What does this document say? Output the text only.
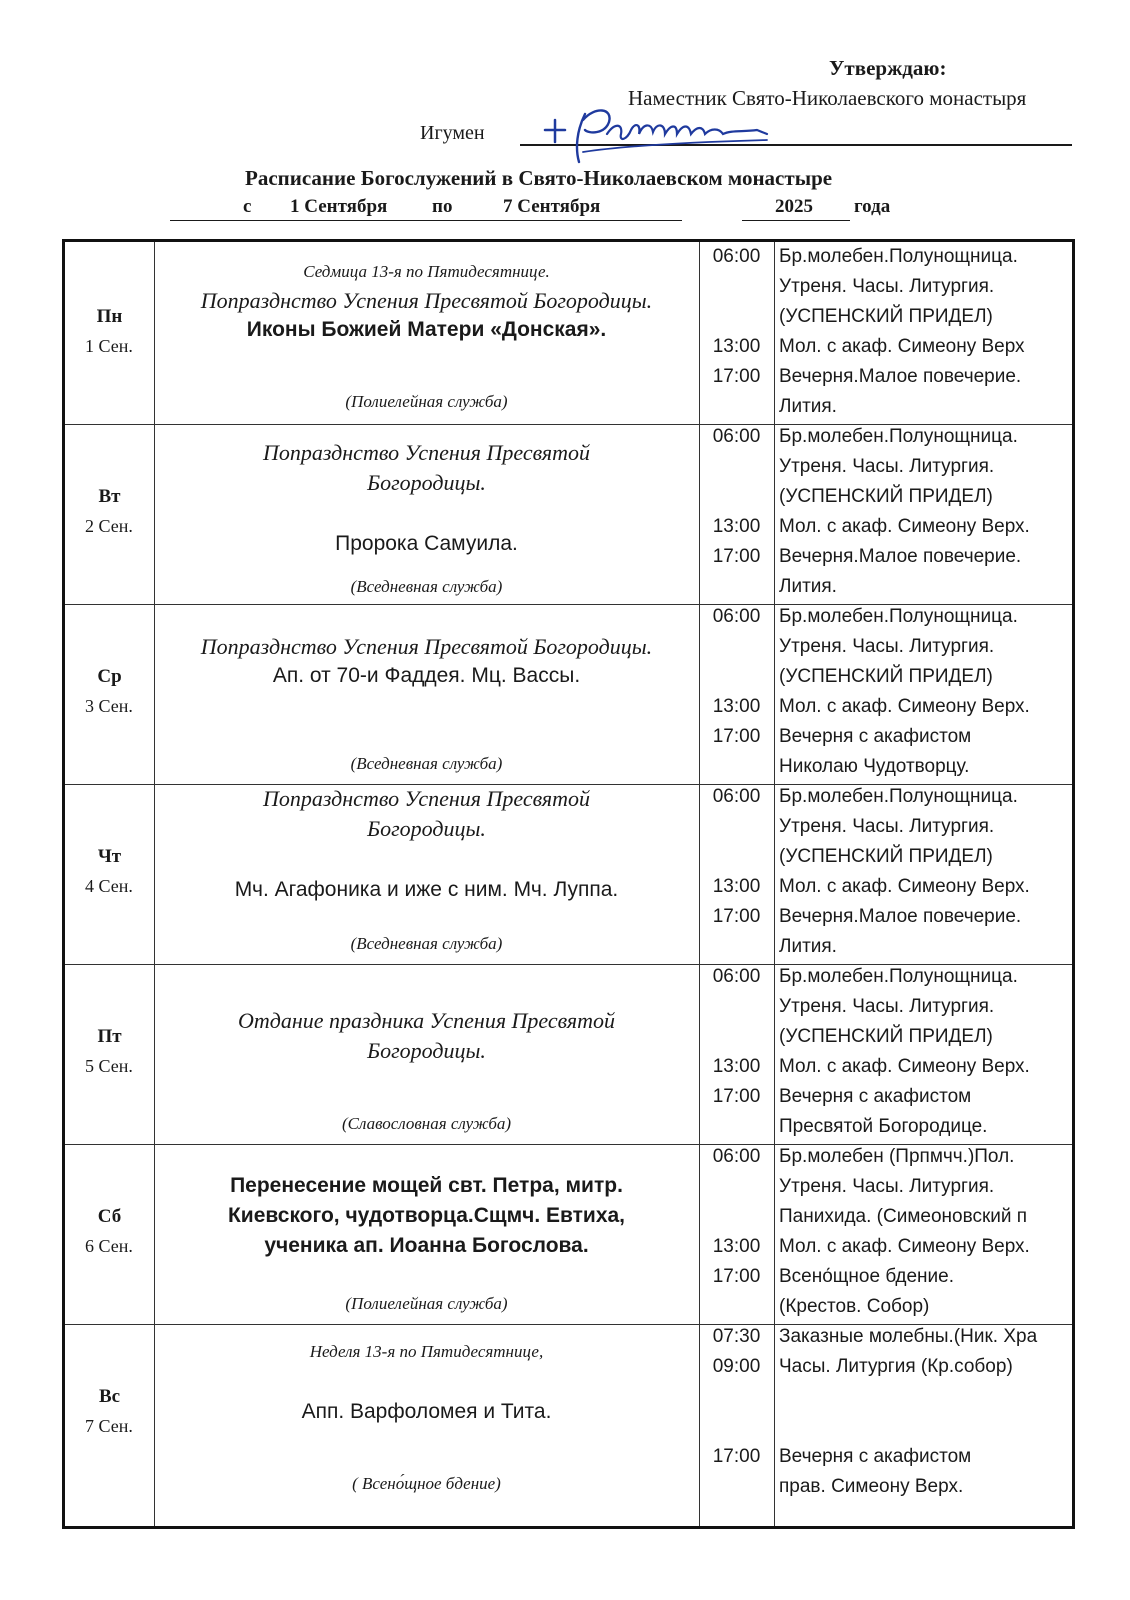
Утверждаю:
Наместник Свято-Николаевского монастыря
Игумен
Расписание Богослужений в Свято-Николаевском монастыре
с 1 Сентября по	7 Сентября	2025 года
Пн
1 Сен.
Седмица 13-я по Пятидесятнице.
Попразднство Успения Пресвятой Богородицы.
Иконы Божией Матери «Донская».
(Полиелейная служба)
06:00
13:00
17:00
Бр.молебен.Полунощница.
Утреня. Часы. Литургия.
(УСПЕНСКИЙ ПРИДЕЛ)
Мол. с акаф. Симеону Верх
Вечерня.Малое повечерие.
Лития.
Вт
2 Сен.
Попразднство Успения Пресвятой
Богородицы.
Пророка Самуила.
(Вседневная служба)
06:00
13:00
17:00
Бр.молебен.Полунощница.
Утреня. Часы. Литургия.
(УСПЕНСКИЙ ПРИДЕЛ)
Мол. с акаф. Симеону Верх.
Вечерня.Малое повечерие.
Лития.
Ср
3 Сен.
Попразднство Успения Пресвятой Богородицы.
Ап. от 70-и Фаддея. Мц. Вассы.
(Вседневная служба)
06:00
13:00
17:00
Бр.молебен.Полунощница.
Утреня. Часы. Литургия.
(УСПЕНСКИЙ ПРИДЕЛ)
Мол. с акаф. Симеону Верх.
Вечерня с акафистом
Николаю Чудотворцу.
Чт
4 Сен.
Попразднство Успения Пресвятой
Богородицы.
Мч. Агафоника и иже с ним. Мч. Луппа.
(Вседневная служба)
06:00
13:00
17:00
Бр.молебен.Полунощница.
Утреня. Часы. Литургия.
(УСПЕНСКИЙ ПРИДЕЛ)
Мол. с акаф. Симеону Верх.
Вечерня.Малое повечерие.
Лития.
Пт
5 Сен.
Отдание праздника Успения Пресвятой
Богородицы.
(Славословная служба)
06:00
13:00
17:00
Бр.молебен.Полунощница.
Утреня. Часы. Литургия.
(УСПЕНСКИЙ ПРИДЕЛ)
Мол. с акаф. Симеону Верх.
Вечерня с акафистом
Пресвятой Богородице.
Сб
6 Сен.
Перенесение мощей свт. Петра, митр.
Киевского, чудотворца.Сщмч. Евтиха,
ученика ап. Иоанна Богослова.
(Полиелейная служба)
06:00
13:00
17:00
Бр.молебен (Прпмчч.)Пол.
Утреня. Часы. Литургия.
Панихида. (Симеоновский п
Мол. с акаф. Симеону Верх.
Всено́щное бдение.
(Крестов. Собор)
Вс
7 Сен.
Неделя 13-я по Пятидесятнице,
Апп. Варфоломея и Тита.
( Всено́щное бдение)
07:30
09:00
17:00
Заказные молебны.(Ник. Хра
Часы. Литургия (Кр.собор)
Вечерня с акафистом
прав. Симеону Верх.
